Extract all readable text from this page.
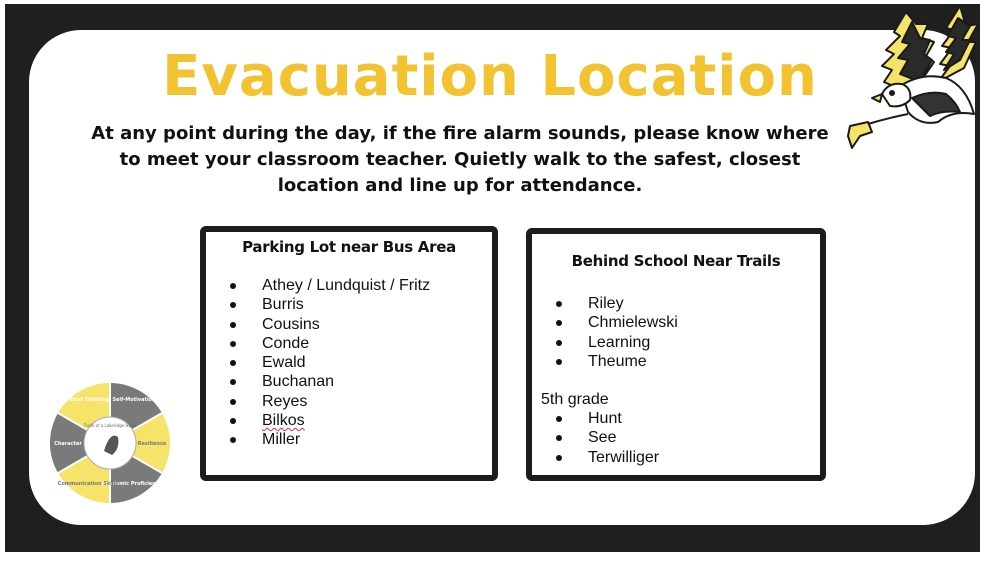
Evacuation Location
At any point during the day, if the fire alarm sounds, please know where to meet your classroom teacher. Quietly walk to the safest, closest location and line up for attendance.
Traits of a Lakeridge Hawk
Critical Thinking Self-Motivation
Resilience
Academic Proficiency
Communication Skills
Character
Parking Lot near Bus Area
Athey / Lundquist / Fritz
Burris
Cousins
Conde
Ewald
Buchanan
Reyes
Bilkos
Miller
Behind School Near Trails
Riley
Chmielewski
Learning
Theume
5th grade
Hunt
See
Terwilliger
